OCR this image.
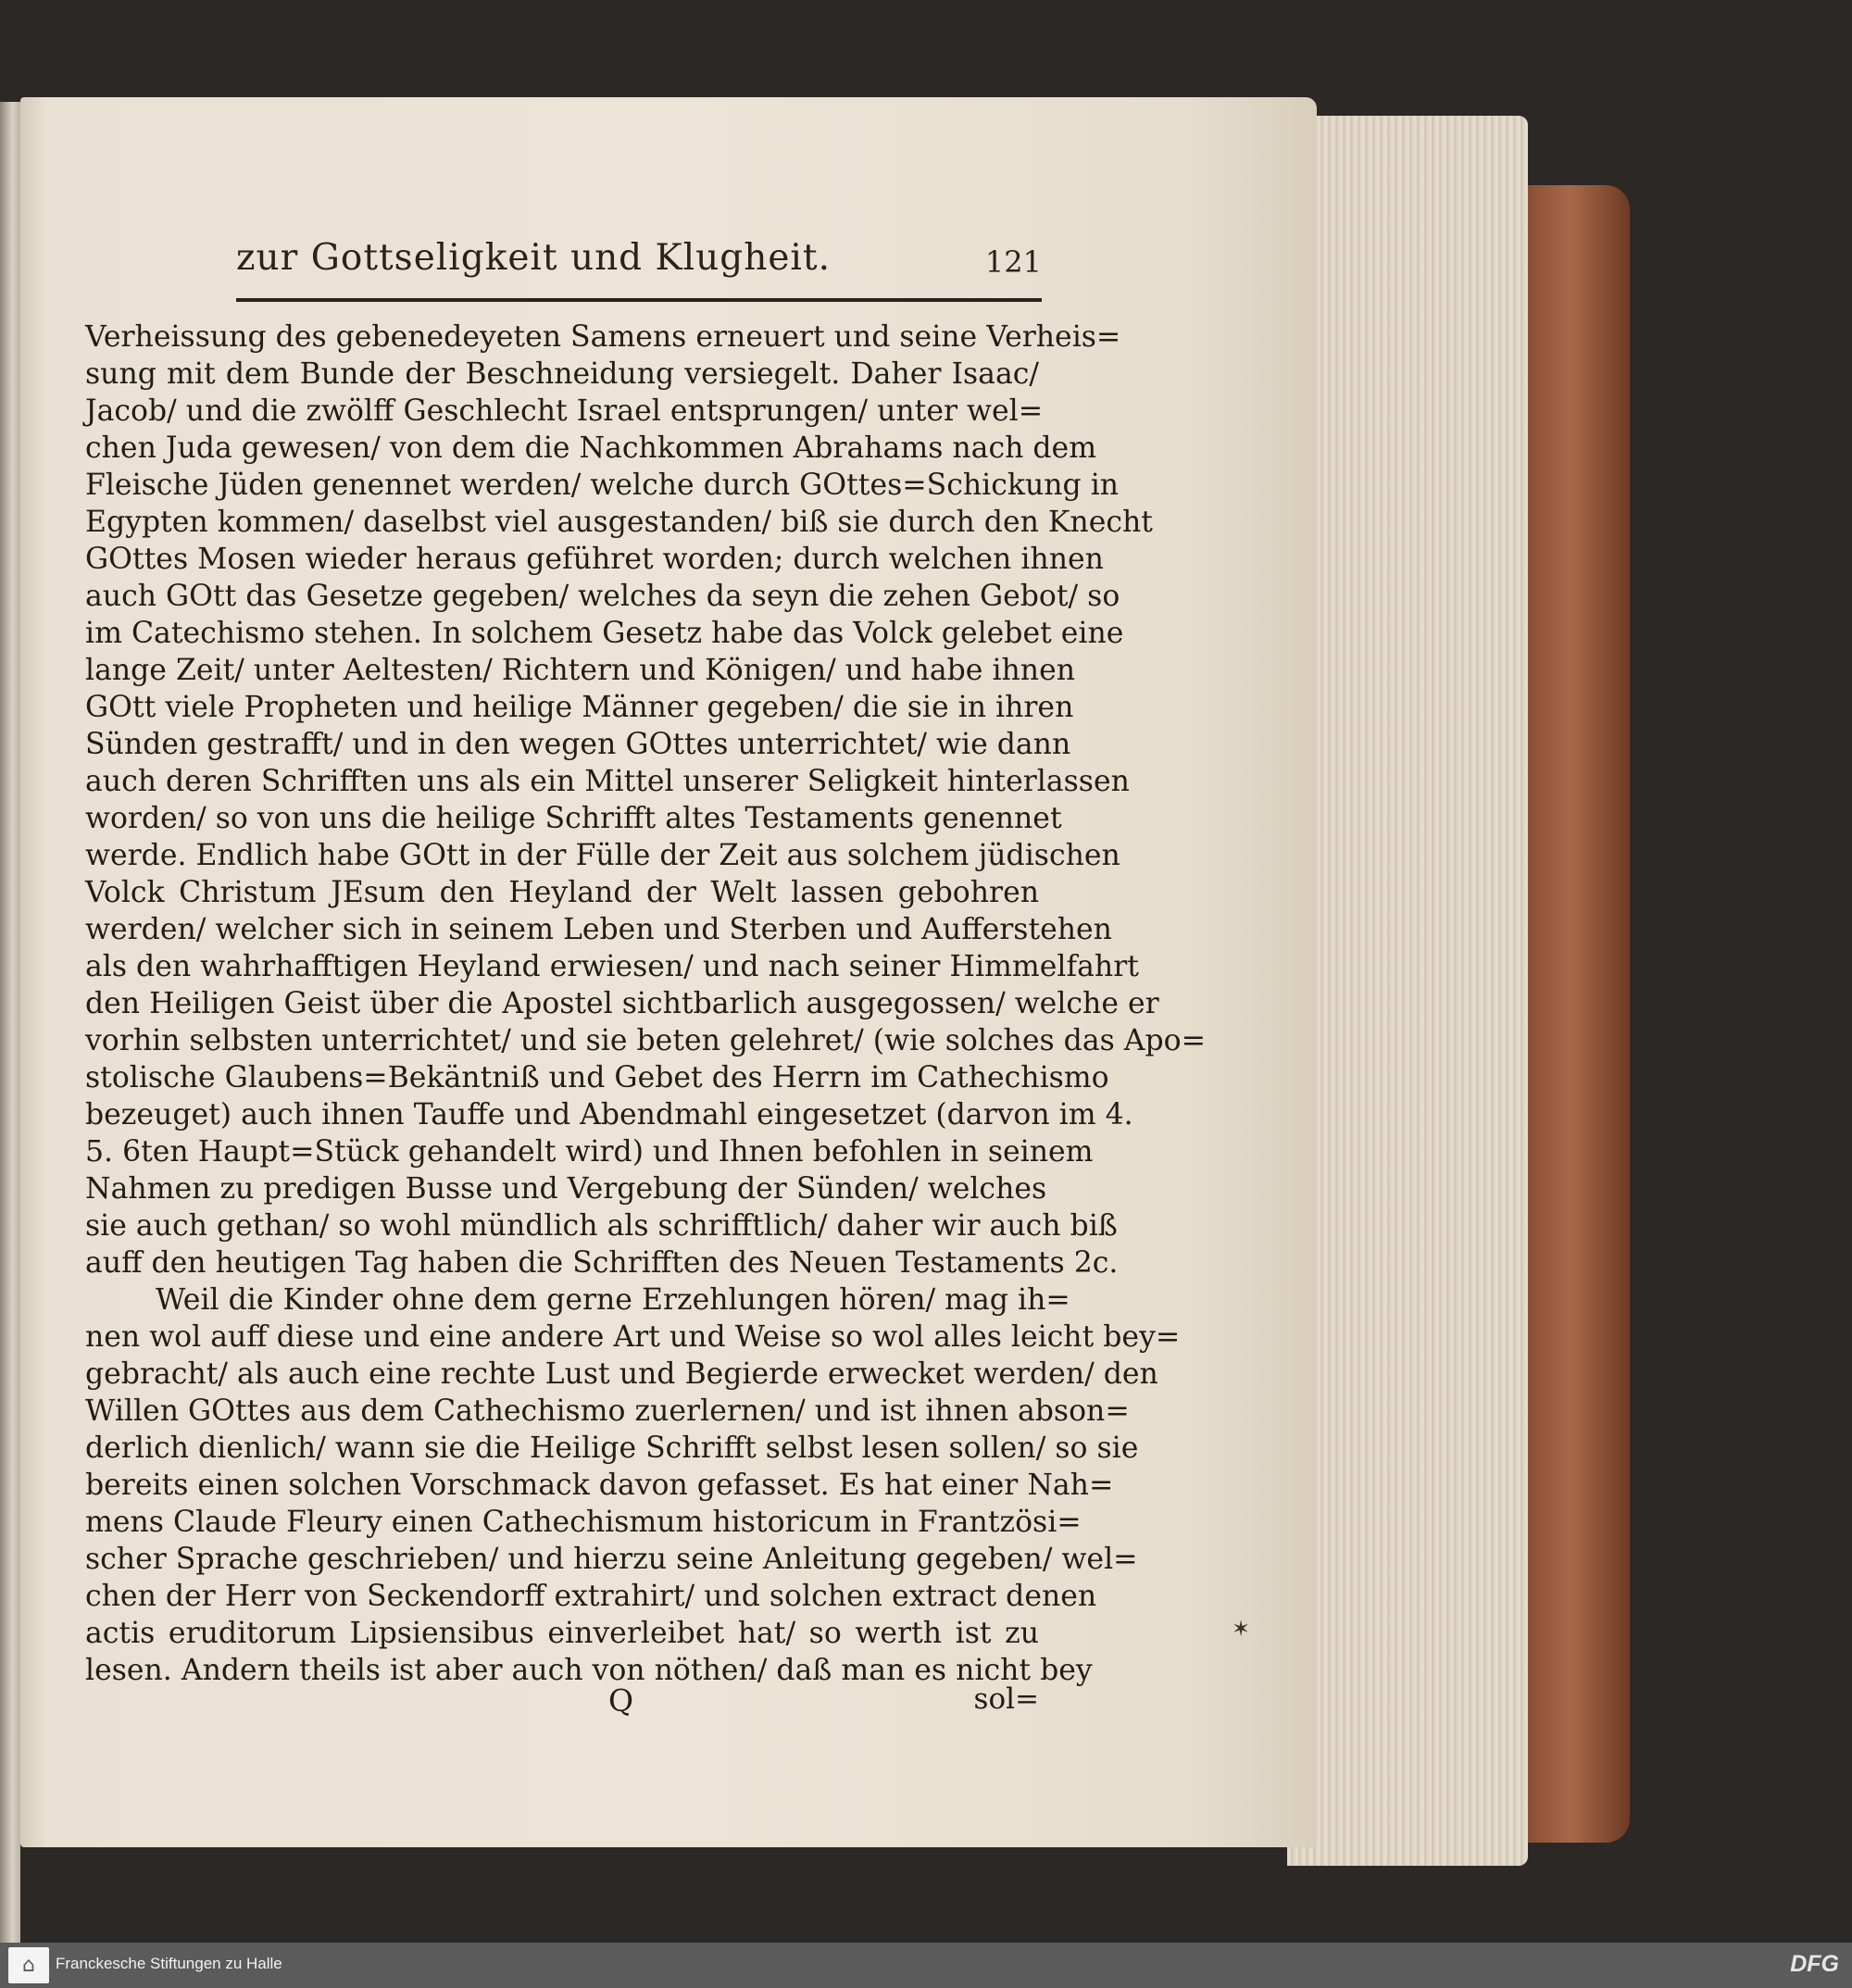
zur Gottseligkeit und Klugheit.	121
Verheissung des gebenedeyeten Samens erneuert und seine Verheis=
sung mit dem Bunde der Beschneidung versiegelt. Daher Isaac/
Jacob/ und die zwölff Geschlecht Israel entsprungen/ unter wel=
chen Juda gewesen/ von dem die Nachkommen Abrahams nach dem
Fleische Jüden genennet werden/ welche durch GOttes=Schickung in
Egypten kommen/ daselbst viel ausgestanden/ biß sie durch den Knecht
GOttes Mosen wieder heraus geführet worden; durch welchen ihnen
auch GOtt das Gesetze gegeben/ welches da seyn die zehen Gebot/ so
im Catechismo stehen. In solchem Gesetz habe das Volck gelebet eine
lange Zeit/ unter Aeltesten/ Richtern und Königen/ und habe ihnen
GOtt viele Propheten und heilige Männer gegeben/ die sie in ihren
Sünden gestrafft/ und in den wegen GOttes unterrichtet/ wie dann
auch deren Schrifften uns als ein Mittel unserer Seligkeit hinterlassen
worden/ so von uns die heilige Schrifft altes Testaments genennet
werde. Endlich habe GOtt in der Fülle der Zeit aus solchem jüdischen
Volck Christum JEsum den Heyland der Welt lassen gebohren
werden/ welcher sich in seinem Leben und Sterben und Aufferstehen
als den wahrhafftigen Heyland erwiesen/ und nach seiner Himmelfahrt
den Heiligen Geist über die Apostel sichtbarlich ausgegossen/ welche er
vorhin selbsten unterrichtet/ und sie beten gelehret/ (wie solches das Apo=
stolische Glaubens=Bekäntniß und Gebet des Herrn im Cathechismo
bezeuget) auch ihnen Tauffe und Abendmahl eingesetzet (darvon im 4.
5. 6ten Haupt=Stück gehandelt wird) und Ihnen befohlen in seinem
Nahmen zu predigen Busse und Vergebung der Sünden/ welches
sie auch gethan/ so wohl mündlich als schrifftlich/ daher wir auch biß
auff den heutigen Tag haben die Schrifften des Neuen Testaments 2c.
Weil die Kinder ohne dem gerne Erzehlungen hören/ mag ih=
nen wol auff diese und eine andere Art und Weise so wol alles leicht bey=
gebracht/ als auch eine rechte Lust und Begierde erwecket werden/ den
Willen GOttes aus dem Cathechismo zuerlernen/ und ist ihnen abson=
derlich dienlich/ wann sie die Heilige Schrifft selbst lesen sollen/ so sie
bereits einen solchen Vorschmack davon gefasset. Es hat einer Nah=
mens Claude Fleury einen Cathechismum historicum in Frantzösi=
scher Sprache geschrieben/ und hierzu seine Anleitung gegeben/ wel=
chen der Herr von Seckendorff extrahirt/ und solchen extract denen
actis eruditorum Lipsiensibus einverleibet hat/ so werth ist zu
lesen. Andern theils ist aber auch von nöthen/ daß man es nicht bey
Q	sol=
✶
⌂	Franckesche Stiftungen zu Halle	DFG
